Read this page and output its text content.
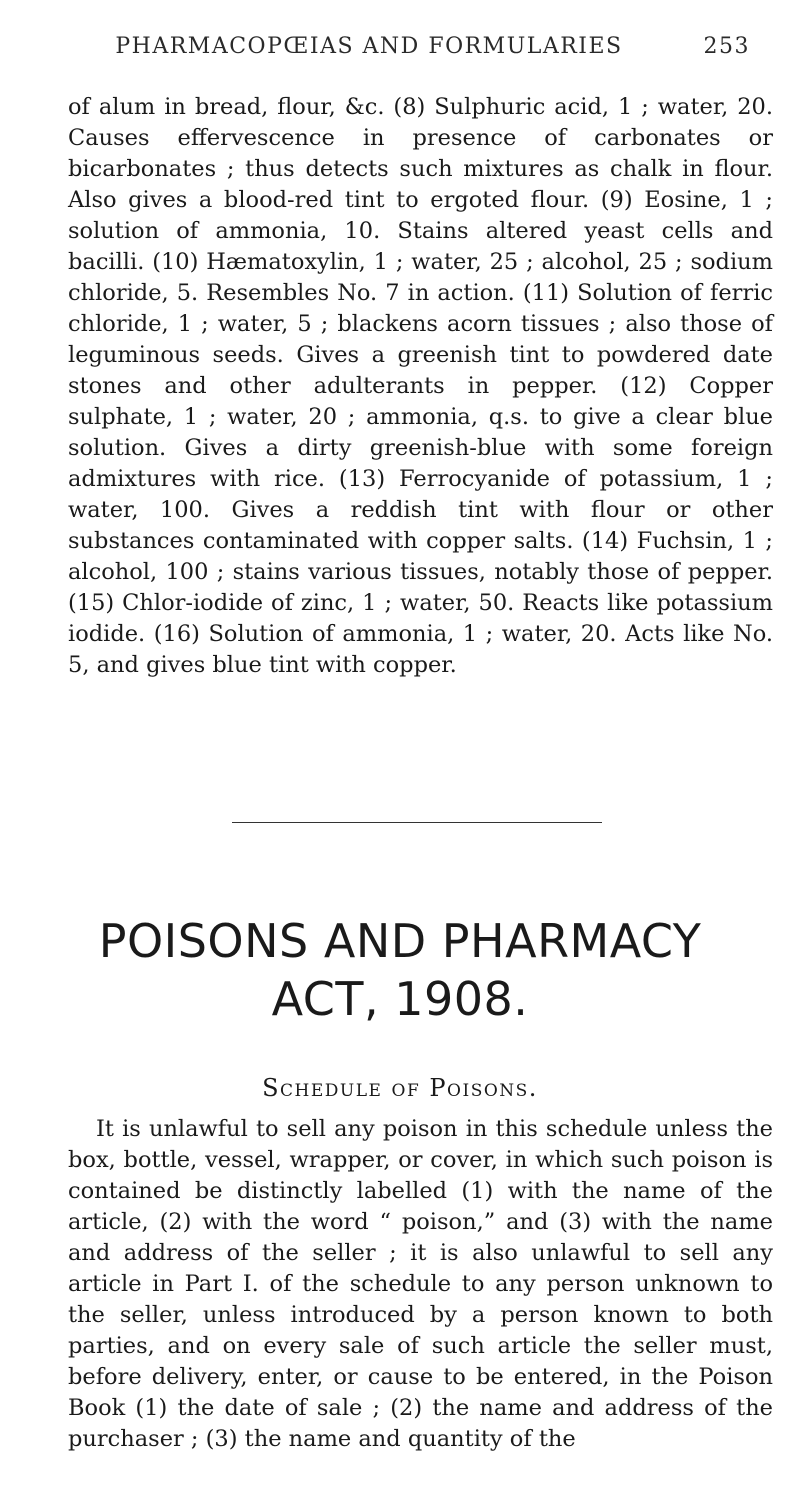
PHARMACOPŒIAS AND FORMULARIES	253

of alum in bread, flour, &c. (8) Sulphuric acid, 1 ; water, 20. Causes effervescence in presence of carbonates or bicarbonates ; thus detects such mixtures as chalk in flour. Also gives a blood-red tint to ergoted flour. (9) Eosine, 1 ; solution of ammonia, 10. Stains altered yeast cells and bacilli. (10) Hæmatoxylin, 1 ; water, 25 ; alcohol, 25 ; sodium chloride, 5. Resembles No. 7 in action. (11) Solution of ferric chloride, 1 ; water, 5 ; blackens acorn tissues ; also those of leguminous seeds. Gives a greenish tint to powdered date stones and other adulterants in pepper. (12) Copper sulphate, 1 ; water, 20 ; ammonia, q.s. to give a clear blue solution. Gives a dirty greenish-blue with some foreign admixtures with rice. (13) Ferrocyanide of potassium, 1 ; water, 100. Gives a reddish tint with flour or other substances contaminated with copper salts. (14) Fuchsin, 1 ; alcohol, 100 ; stains various tissues, notably those of pepper. (15) Chlor-iodide of zinc, 1 ; water, 50. Reacts like potassium iodide. (16) Solution of ammonia, 1 ; water, 20. Acts like No. 5, and gives blue tint with copper.

POISONS AND PHARMACY
ACT, 1908.
Schedule of Poisons.

It is unlawful to sell any poison in this schedule unless the box, bottle, vessel, wrapper, or cover, in which such poison is contained be distinctly labelled (1) with the name of the article, (2) with the word “ poison,” and (3) with the name and address of the seller ; it is also unlawful to sell any article in Part I. of the schedule to any person unknown to the seller, unless introduced by a person known to both parties, and on every sale of such article the seller must, before delivery, enter, or cause to be entered, in the Poison Book (1) the date of sale ; (2) the name and address of the purchaser ; (3) the name and quantity of the
